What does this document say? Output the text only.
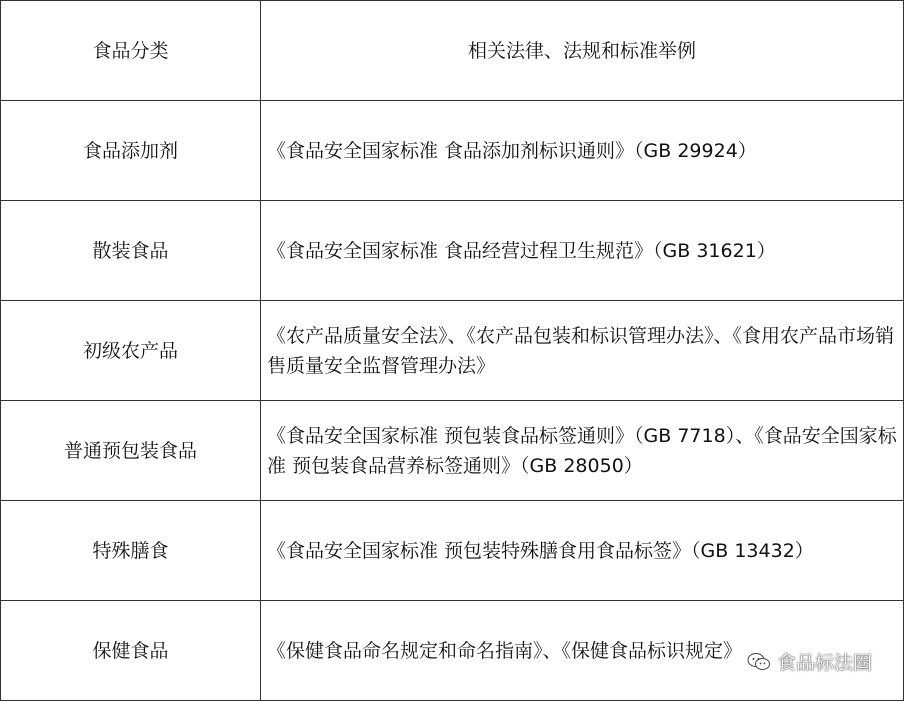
食品分类	相关法律、法规和标准举例
食品添加剂	《食品安全国家标准 食品添加剂标识通则》（GB 29924）
散装食品	《食品安全国家标准 食品经营过程卫生规范》（GB 31621）
初级农产品	《农产品质量安全法》、《农产品包装和标识管理办法》、《食用农产品市场销售质量安全监督管理办法》
普通预包装食品	《食品安全国家标准 预包装食品标签通则》（GB 7718）、《食品安全国家标准 预包装食品营养标签通则》（GB 28050）
特殊膳食	《食品安全国家标准 预包装特殊膳食用食品标签》（GB 13432）
保健食品	《保健食品命名规定和命名指南》、《保健食品标识规定》
食品标法圈
